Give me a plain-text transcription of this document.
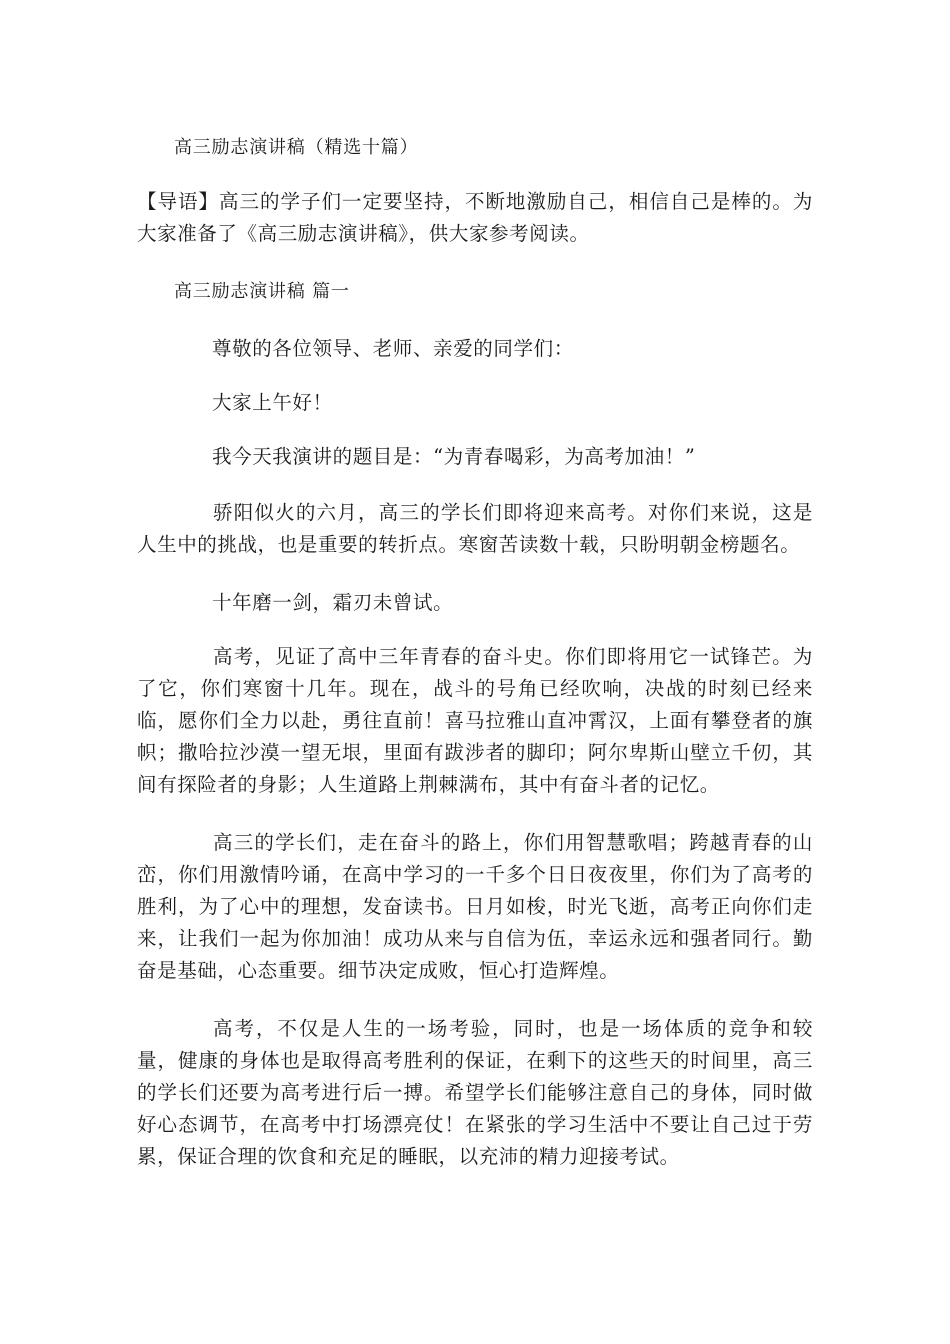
高三励志演讲稿（精选十篇）

【导语】高三的学子们一定要坚持，不断地激励自己，相信自己是棒的。为大家准备了《高三励志演讲稿》，供大家参考阅读。

高三励志演讲稿 篇一

尊敬的各位领导、老师、亲爱的同学们：

大家上午好！

我今天我演讲的题目是：“为青春喝彩，为高考加油！”

骄阳似火的六月，高三的学长们即将迎来高考。对你们来说，这是人生中的挑战，也是重要的转折点。寒窗苦读数十载，只盼明朝金榜题名。

十年磨一剑，霜刃未曾试。

高考，见证了高中三年青春的奋斗史。你们即将用它一试锋芒。为了它，你们寒窗十几年。现在，战斗的号角已经吹响，决战的时刻已经来临，愿你们全力以赴，勇往直前！喜马拉雅山直冲霄汉，上面有攀登者的旗帜；撒哈拉沙漠一望无垠，里面有跋涉者的脚印；阿尔卑斯山壁立千仞，其间有探险者的身影；人生道路上荆棘满布，其中有奋斗者的记忆。

高三的学长们，走在奋斗的路上，你们用智慧歌唱；跨越青春的山峦，你们用激情吟诵，在高中学习的一千多个日日夜夜里，你们为了高考的胜利，为了心中的理想，发奋读书。日月如梭，时光飞逝，高考正向你们走来，让我们一起为你加油！成功从来与自信为伍，幸运永远和强者同行。勤奋是基础，心态重要。细节决定成败，恒心打造辉煌。

高考，不仅是人生的一场考验，同时，也是一场体质的竞争和较量，健康的身体也是取得高考胜利的保证，在剩下的这些天的时间里，高三的学长们还要为高考进行后一搏。希望学长们能够注意自己的身体，同时做好心态调节，在高考中打场漂亮仗！在紧张的学习生活中不要让自己过于劳累，保证合理的饮食和充足的睡眠，以充沛的精力迎接考试。
